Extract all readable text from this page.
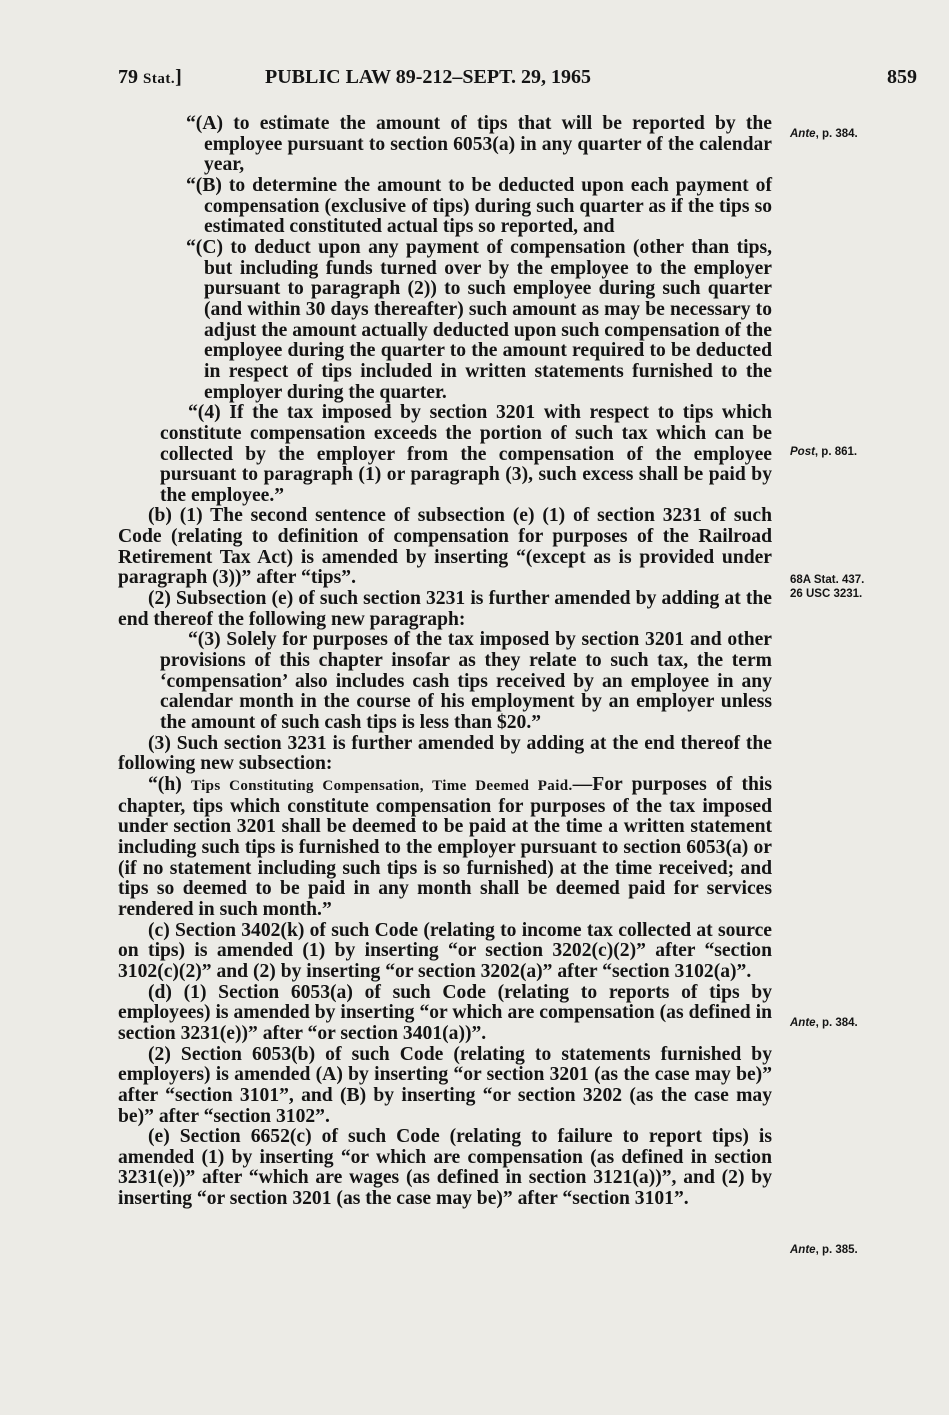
79 Stat.]	PUBLIC LAW 89-212–SEPT. 29, 1965	859
Ante, p. 384.
Post, p. 861.
68A Stat. 437.
26 USC 3231.
Ante, p. 384.
Ante, p. 385.

“(A) to estimate the amount of tips that will be reported by the employee pursuant to section 6053(a) in any quarter of the calendar year,

“(B) to determine the amount to be deducted upon each payment of compensation (exclusive of tips) during such quarter as if the tips so estimated constituted actual tips so reported, and

“(C) to deduct upon any payment of compensation (other than tips, but including funds turned over by the employee to the employer pursuant to paragraph (2)) to such employee during such quarter (and within 30 days thereafter) such amount as may be necessary to adjust the amount actually deducted upon such compensation of the employee during the quarter to the amount required to be deducted in respect of tips included in written statements furnished to the employer during the quarter.

“(4) If the tax imposed by section 3201 with respect to tips which constitute compensation exceeds the portion of such tax which can be collected by the employer from the compensation of the employee pursuant to paragraph (1) or paragraph (3), such excess shall be paid by the employee.”

(b) (1) The second sentence of subsection (e) (1) of section 3231 of such Code (relating to definition of compensation for purposes of the Railroad Retirement Tax Act) is amended by inserting “(except as is provided under paragraph (3))” after “tips”.

(2) Subsection (e) of such section 3231 is further amended by adding at the end thereof the following new paragraph:

“(3) Solely for purposes of the tax imposed by section 3201 and other provisions of this chapter insofar as they relate to such tax, the term ‘compensation’ also includes cash tips received by an employee in any calendar month in the course of his employment by an employer unless the amount of such cash tips is less than $20.”

(3) Such section 3231 is further amended by adding at the end thereof the following new subsection:

“(h) Tips Constituting Compensation, Time Deemed Paid.—For purposes of this chapter, tips which constitute compensation for purposes of the tax imposed under section 3201 shall be deemed to be paid at the time a written statement including such tips is furnished to the employer pursuant to section 6053(a) or (if no statement including such tips is so furnished) at the time received; and tips so deemed to be paid in any month shall be deemed paid for services rendered in such month.”

(c) Section 3402(k) of such Code (relating to income tax collected at source on tips) is amended (1) by inserting “or section 3202(c)(2)” after “section 3102(c)(2)” and (2) by inserting “or section 3202(a)” after “section 3102(a)”.

(d) (1) Section 6053(a) of such Code (relating to reports of tips by employees) is amended by inserting “or which are compensation (as defined in section 3231(e))” after “or section 3401(a))”.

(2) Section 6053(b) of such Code (relating to statements furnished by employers) is amended (A) by inserting “or section 3201 (as the case may be)” after “section 3101”, and (B) by inserting “or section 3202 (as the case may be)” after “section 3102”.

(e) Section 6652(c) of such Code (relating to failure to report tips) is amended (1) by inserting “or which are compensation (as defined in section 3231(e))” after “which are wages (as defined in section 3121(a))”, and (2) by inserting “or section 3201 (as the case may be)” after “section 3101”.
